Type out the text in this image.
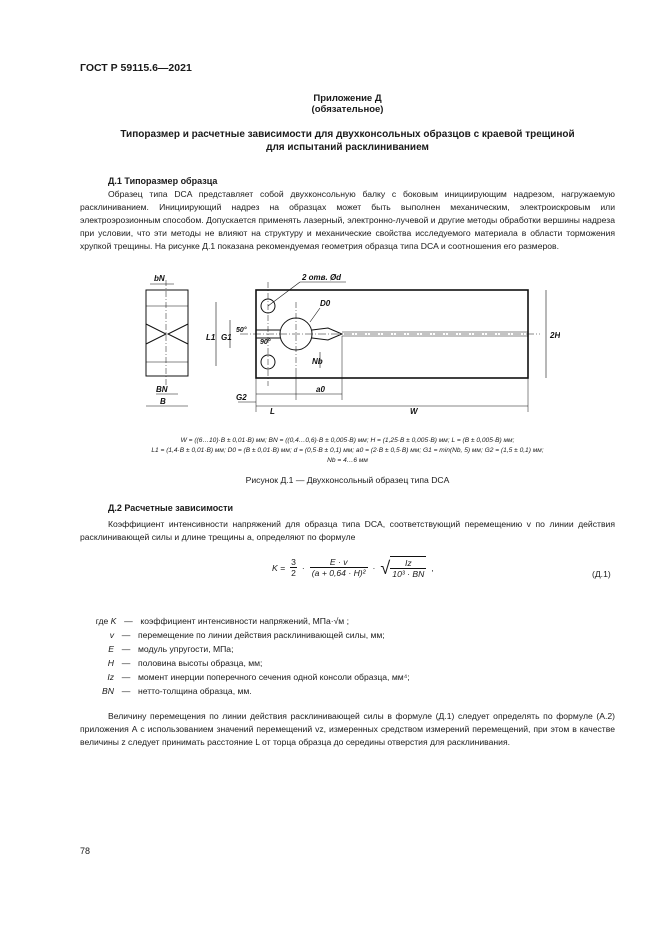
ГОСТ Р 59115.6—2021
Приложение Д
(обязательное)
Типоразмер и расчетные зависимости для двухконсольных образцов с краевой трещиной
для испытаний расклиниванием
Д.1 Типоразмер образца
Образец типа DCA представляет собой двухконсольную балку с боковым инициирующим надрезом, нагружаемую расклиниванием. Инициирующий надрез на образцах может быть выполнен механическим, электроискровым или электроэрозионным способом. Допускается применять лазерный, электронно-лучевой и другие методы обработки вершины надреза при условии, что эти методы не влияют на структуру и механические свойства исследуемого материала в области торможения хрупкой трещины. На рисунке Д.1 показана рекомендуемая геометрия образца типа DCA и соотношения его размеров.
bN
B
BN
2 отв. Ød
D0
50°
90°
L1 G1
Nb
2H
G2
L
a0
W
W = ((6…10)·B ± 0,01·B) мм; BN = ((0,4…0,6)·B ± 0,005·B) мм; H = (1,25·B ± 0,005·B) мм; L = (B ± 0,005·B) мм;
L1 = (1,4·B ± 0,01·B) мм; D0 = (B ± 0,01·B) мм; d = (0,5·B ± 0,1) мм; a0 = (2·B ± 0,5·B) мм; G1 = min(Nb, 5) мм; G2 = (1,5 ± 0,1) мм;
Nb = 4…6 мм
Рисунок Д.1 — Двухконсольный образец типа DCA
Д.2 Расчетные зависимости
Коэффициент интенсивности напряжений для образца типа DCA, соответствующий перемещению v по линии действия расклинивающей силы и длине трещины a, определяют по формуле
$K = \frac{3}{2} \cdot \frac{E \cdot v}{\text{(a + 0,64 · H)²}}$ · √ $\frac{Iz}{\text{10³ · BN}}$ ,
(Д.1)
где K — коэффициент интенсивности напряжений, МПа·√м ;
v — перемещение по линии действия расклинивающей силы, мм;
E — модуль упругости, МПа;
H — половина высоты образца, мм;
Iz — момент инерции поперечного сечения одной консоли образца, мм⁴;
BN — нетто-толщина образца, мм.
Величину перемещения по линии действия расклинивающей силы в формуле (Д.1) следует определять по формуле (А.2) приложения А с использованием значений перемещений vz, измеренных средством измерений перемещений, при этом в качестве величины z следует принимать расстояние L от торца образца до середины отверстия для расклинивания.
78
